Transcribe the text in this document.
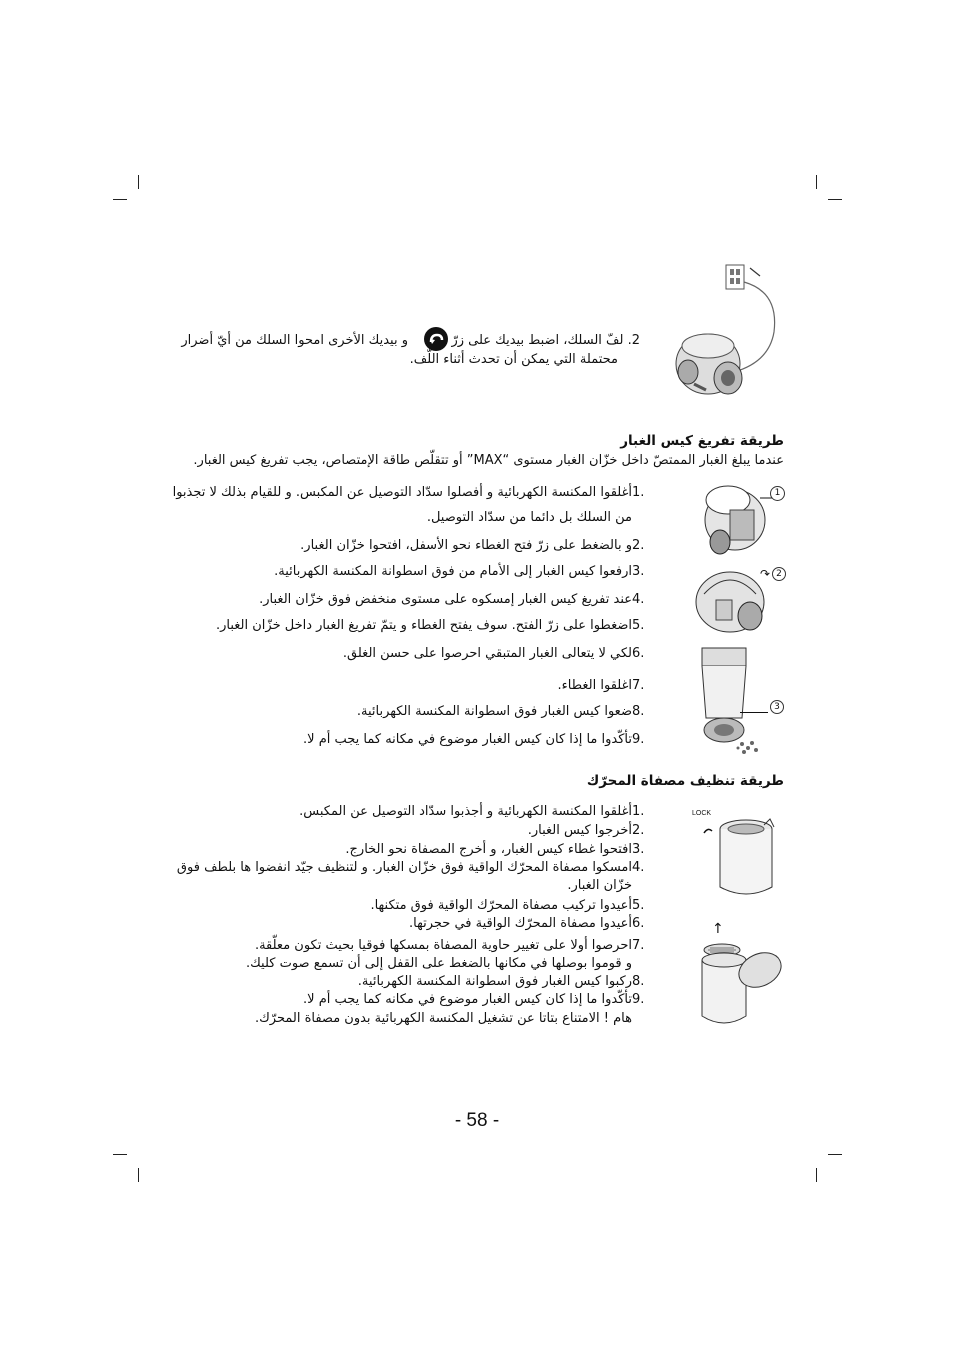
2. لفّ السلك، اضبط بيديك على زرّ
و بيديك الأخرى امحوا السلك من أيّ أضرار
محتملة التي يمكن أن تحدث أثناء اللّف.
طريقة تفريغ كيس الغبار
عندما يبلغ الغبار الممتصّ داخل خزّان الغبار مستوى “MAX” أو تتقلّص طاقة الإمتصاص، يجب تفريغ كيس الغبار.
.1أغلقوا المكنسة الكهربائية و أفصلوا سدّاد التوصيل عن المكبس. و للقيام بذلك لا تجذبوا
من السلك بل دائما من سدّاد التوصيل.
.2و بالضغط على زرّ فتح الغطاء نحو الأسفل، افتحوا خزّان الغبار.
.3ارفعوا كيس الغبار إلى الأمام من فوق اسطوانة المكنسة الكهربائية.
.4عند تفريغ كيس الغبار إمسكوه على مستوى منخفض فوق خزّان الغبار.
.5اضغطوا على زرّ الفتح. سوف يفتح الغطاء و يتمّ تفريغ الغبار داخل خزّان الغبار.
.6لكي لا يتعالى الغبار المتبقي احرصوا على حسن الغلق.
.7اغلقوا الغطاء.
.8ضعوا كيس الغبار فوق اسطوانة المكنسة الكهربائية.
.9تأكّدوا ما إذا كان كيس الغبار موضوع في مكانه كما يجب أم لا.
1
↷ 2
3
طريقة تنظيف مصفاة المحرّك
.1أغلقوا المكنسة الكهربائية و أجذبوا سدّاد التوصيل عن المكبس.
.2أخرجوا كيس الغبار.
.3افتحوا غطاء كيس الغبار، و أخرج المصفاة نحو الخارج.
.4امسكوا مصفاة المحرّك الواقية فوق خزّان الغبار. و لتنظيف جيّد انفضوا ها بلطف فوق
خزّان الغبار.
.5أعيدوا تركيب مصفاة المحرّك الواقية فوق متكنها.
.6أعيدوا مصفاة المحرّك الواقية في حجرتها.
.7احرصوا أولا على تغيير حاوية المصفاة بمسكها فوقيا بحيث تكون معلّقة.
و قوموا بوصلها في مكانها بالضغط على القفل إلى أن تسمع صوت كليك.
.8ركبوا كيس الغبار فوق اسطوانة المكنسة الكهربائية.
.9تأكّدوا ما إذا كان كيس الغبار موضوع في مكانه كما يجب أم لا.
هام ! الامتناع بتاتا عن تشغيل المكنسة الكهربائية بدون مصفاة المحرّك.
LOCK
↑
- 58 -
